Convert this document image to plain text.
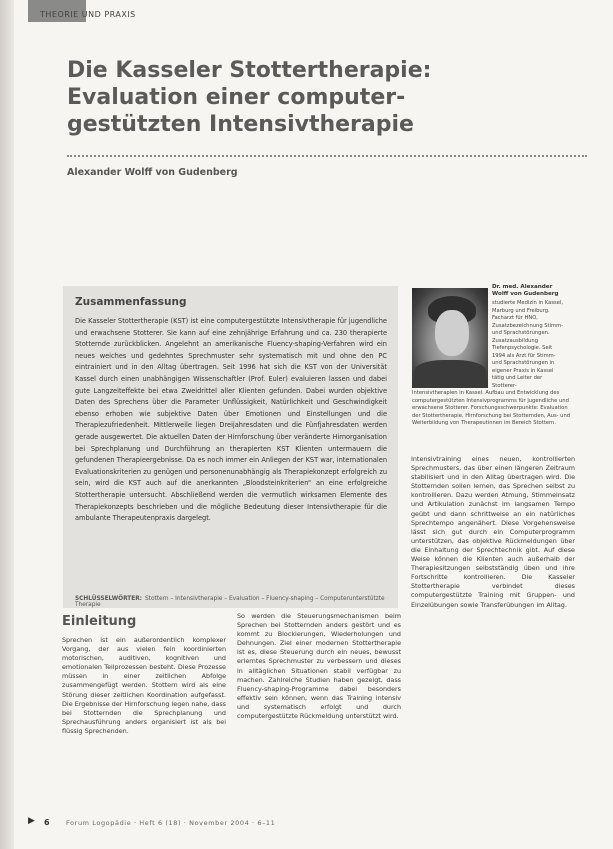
THEORIE UND PRAXIS
Die Kasseler Stottertherapie: Evaluation einer computer-gestützten Intensivtherapie
Alexander Wolff von Gudenberg
Zusammenfassung

Die Kasseler Stottertherapie (KST) ist eine computergestützte Intensivtherapie für jugendliche und erwachsene Stotterer. Sie kann auf eine zehnjährige Erfahrung und ca. 230 therapierte Stotternde zurückblicken. Angelehnt an amerikanische Fluency-shaping-Verfahren wird ein neues weiches und gedehntes Sprechmuster sehr systematisch mit und ohne den PC eintrainiert und in den Alltag übertragen. Seit 1996 hat sich die KST von der Universität Kassel durch einen unabhängigen Wissenschaftler (Prof. Euler) evaluieren lassen und dabei gute Langzeiteffekte bei etwa Zweidrittel aller Klienten gefunden. Dabei wurden objektive Daten des Sprechens über die Parameter Unflüssigkeit, Natürlichkeit und Geschwindigkeit ebenso erhoben wie subjektive Daten über Emotionen und Einstellungen und die Therapiezufriedenheit. Mittlerweile liegen Dreijahresdaten und die Fünfjahresdaten werden gerade ausgewertet. Die aktuellen Daten der Hirnforschung über veränderte Hirnorganisation bei Sprechplanung und Durchführung an therapierten KST Klienten untermauern die gefundenen Therapieergebnisse. Da es noch immer ein Anliegen der KST war, internationalen Evaluationskriterien zu genügen und personenunabhängig als Therapiekonzept erfolgreich zu sein, wird die KST auch auf die anerkannten „Bloodsteinkriterien“ an eine erfolgreiche Stottertherapie untersucht. Abschließend werden die vermutlich wirksamen Elemente des Therapiekonzepts beschrieben und die mögliche Bedeutung dieser Intensivtherapie für die ambulante Therapeutenpraxis dargelegt.

SCHLÜSSELWÖRTER: Stottern – Intensivtherapie – Evaluation – Fluency-shaping – Computerunterstützte Therapie
Dr. med. Alexander Wolff von Gudenberg

studierte Medizin in Kassel, Marburg und Freiburg. Facharzt für HNO, Zusatzbezeichnung Stimm- und Sprachstörungen. Zusatzausbildung Tiefenpsychologie. Seit 1994 als Arzt für Stimm- und Sprachstörungen in eigener Praxis in Kassel tätig und Leiter der Stotterer-

Intensivtherapien in Kassel. Aufbau und Entwicklung des computergestützten Intensivprogramms für jugendliche und erwachsene Stotterer. Forschungsschwerpunkte: Evaluation der Stottertherapie, Hirnforschung bei Stotternden, Aus- und Weiterbildung von Therapeutinnen im Bereich Stottern.

Einleitung

Sprechen ist ein außerordentlich komplexer Vorgang, der aus vielen fein koordinierten motorischen, auditiven, kognitiven und emotionalen Teilprozessen besteht. Diese Prozesse müssen in einer zeitlichen Abfolge zusammengefügt werden. Stottern wird als eine Störung dieser zeitlichen Koordination aufgefasst. Die Ergebnisse der Hirnforschung legen nahe, dass bei Stotternden die Sprechplanung und Sprechausführung anders organisiert ist als bei flüssig Sprechenden.

So werden die Steuerungsmechanismen beim Sprechen bei Stotternden anders gestört und es kommt zu Blockierungen, Wiederholungen und Dehnungen. Ziel einer modernen Stottertherapie ist es, diese Steuerung durch ein neues, bewusst erlerntes Sprechmuster zu verbessern und dieses in alltäglichen Situationen stabil verfügbar zu machen. Zahlreiche Studien haben gezeigt, dass Fluency-shaping-Programme dabei besonders effektiv sein können, wenn das Training intensiv und systematisch erfolgt und durch computergestützte Rückmeldung unterstützt wird.

Intensivtraining eines neuen, kontrollierten Sprechmusters, das über einen längeren Zeitraum stabilisiert und in den Alltag übertragen wird. Die Stotternden sollen lernen, das Sprechen selbst zu kontrollieren. Dazu werden Atmung, Stimmeinsatz und Artikulation zunächst im langsamen Tempo geübt und dann schrittweise an ein natürliches Sprechtempo angenähert. Diese Vorgehensweise lässt sich gut durch ein Computerprogramm unterstützen, das objektive Rückmeldungen über die Einhaltung der Sprechtechnik gibt. Auf diese Weise können die Klienten auch außerhalb der Therapiesitzungen selbstständig üben und ihre Fortschritte kontrollieren. Die Kasseler Stottertherapie verbindet dieses computergestützte Training mit Gruppen- und Einzelübungen sowie Transferübungen im Alltag.

▶ 6	Forum Logopädie · Heft 6 (18) · November 2004 · 6–11
